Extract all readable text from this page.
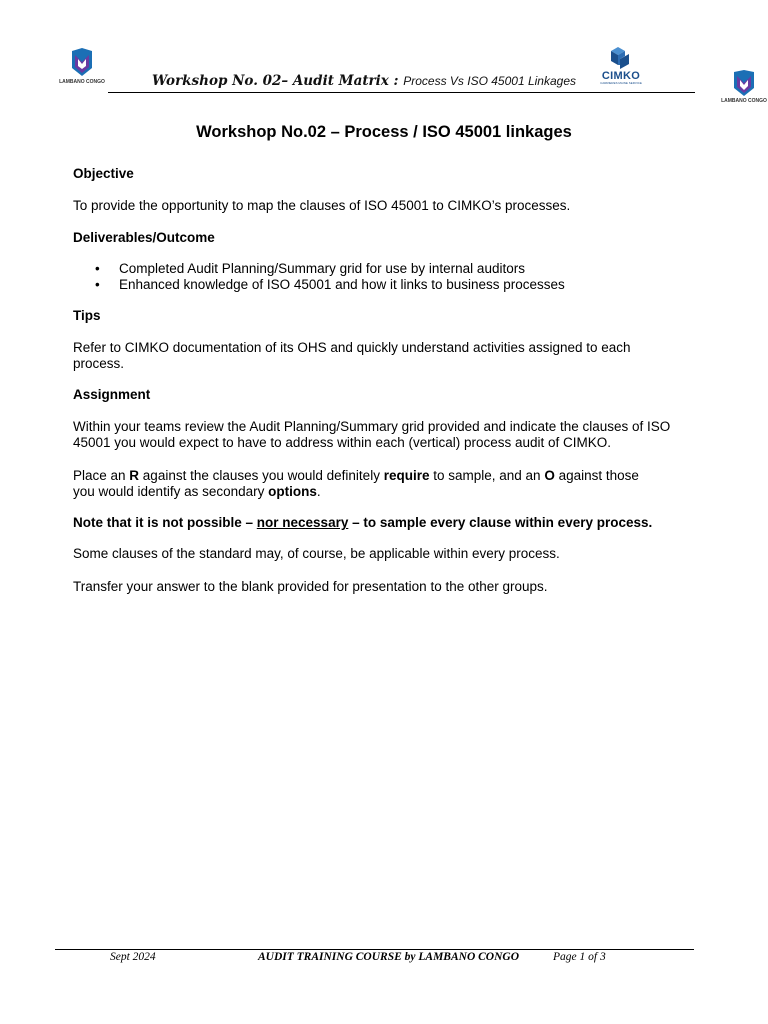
LAMBANO CONGO	CIMKO
CARRIERES MAINE SERVICE
LAMBANO CONGO
Workshop No. 02– Audit Matrix : Process Vs ISO 45001 Linkages
Workshop No.02 – Process / ISO 45001 linkages
Objective
To provide the opportunity to map the clauses of ISO 45001 to CIMKO’s processes.
Deliverables/Outcome
• Completed Audit Planning/Summary grid for use by internal auditors
• Enhanced knowledge of ISO 45001 and how it links to business processes
Tips
Refer to CIMKO documentation of its OHS and quickly understand activities assigned to each
process.
Assignment
Within your teams review the Audit Planning/Summary grid provided and indicate the clauses of ISO
45001 you would expect to have to address within each (vertical) process audit of CIMKO.
Place an R against the clauses you would definitely require to sample, and an O against those
you would identify as secondary options.
Note that it is not possible – nor necessary – to sample every clause within every process.
Some clauses of the standard may, of course, be applicable within every process.
Transfer your answer to the blank provided for presentation to the other groups.
Sept 2024	AUDIT TRAINING COURSE by LAMBANO CONGO	Page 1 of 3
